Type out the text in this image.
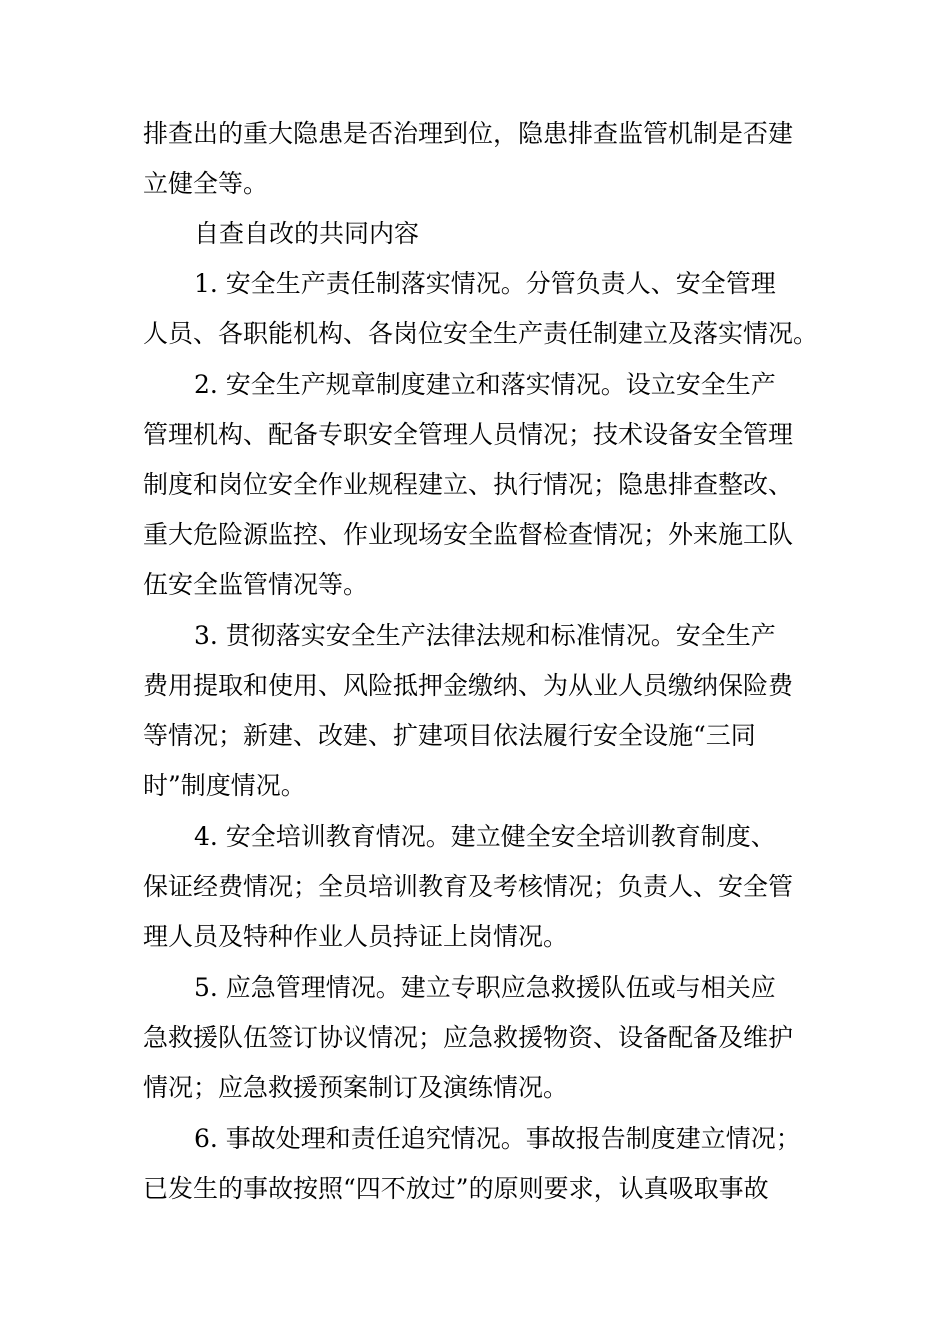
排查出的重大隐患是否治理到位，隐患排查监管机制是否建
立健全等。
自查自改的共同内容
1. 安全生产责任制落实情况。分管负责人、安全管理
人员、各职能机构、各岗位安全生产责任制建立及落实情况。
2. 安全生产规章制度建立和落实情况。设立安全生产
管理机构、配备专职安全管理人员情况；技术设备安全管理
制度和岗位安全作业规程建立、执行情况；隐患排查整改、
重大危险源监控、作业现场安全监督检查情况；外来施工队
伍安全监管情况等。
3. 贯彻落实安全生产法律法规和标准情况。安全生产
费用提取和使用、风险抵押金缴纳、为从业人员缴纳保险费
等情况；新建、改建、扩建项目依法履行安全设施“三同
时”制度情况。
4. 安全培训教育情况。建立健全安全培训教育制度、
保证经费情况；全员培训教育及考核情况；负责人、安全管
理人员及特种作业人员持证上岗情况。
5. 应急管理情况。建立专职应急救援队伍或与相关应
急救援队伍签订协议情况；应急救援物资、设备配备及维护
情况；应急救援预案制订及演练情况。
6. 事故处理和责任追究情况。事故报告制度建立情况；
已发生的事故按照“四不放过”的原则要求，认真吸取事故
